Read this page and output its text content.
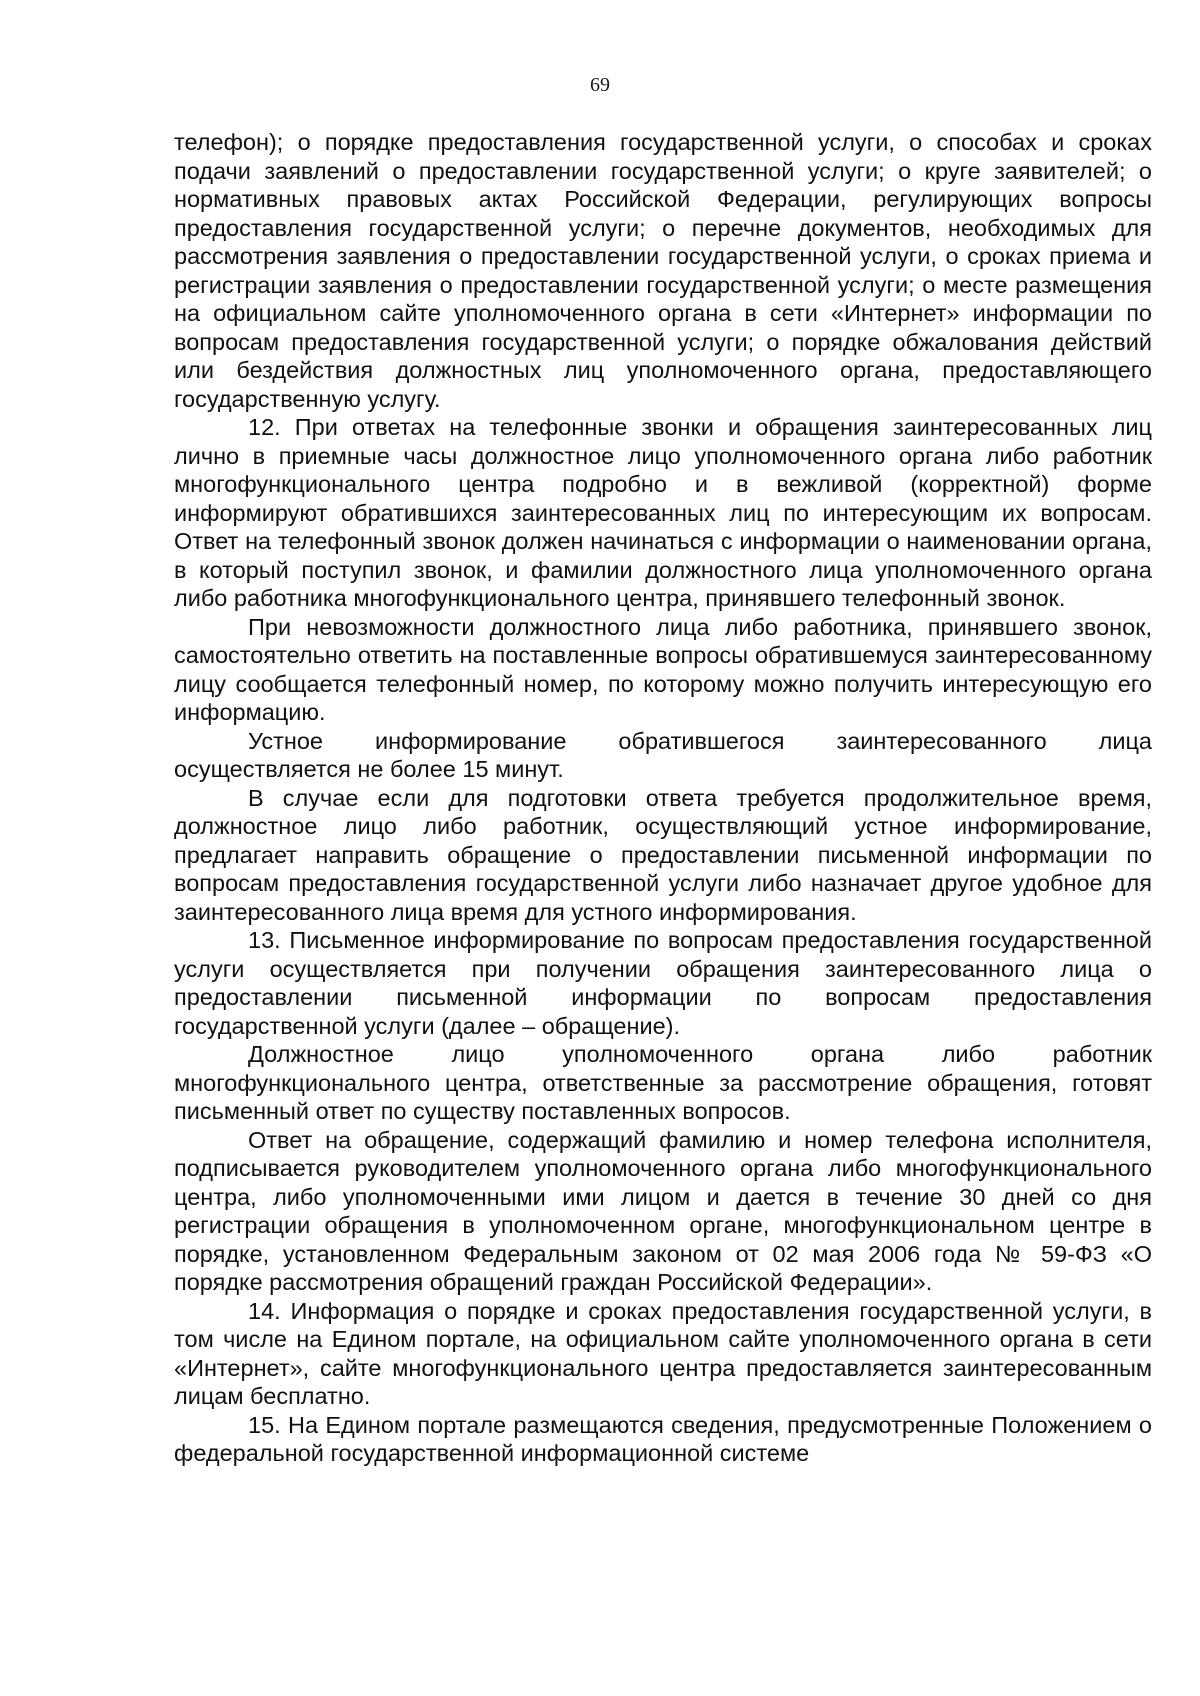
69

телефон); о порядке предоставления государственной услуги, о способах и сроках подачи заявлений о предоставлении государственной услуги; о круге заявителей; о нормативных правовых актах Российской Федерации, регулирующих вопросы предоставления государственной услуги; о перечне документов, необходимых для рассмотрения заявления о предоставлении государственной услуги, о сроках приема и регистрации заявления о предоставлении государственной услуги; о месте размещения на официальном сайте уполномоченного органа в сети «Интернет» информации по вопросам предоставления государственной услуги; о порядке обжалования действий или бездействия должностных лиц уполномоченного органа, предоставляющего государственную услугу.

12. При ответах на телефонные звонки и обращения заинтересованных лиц лично в приемные часы должностное лицо уполномоченного органа либо работник многофункционального центра подробно и в вежливой (корректной) форме информируют обратившихся заинтересованных лиц по интересующим их вопросам. Ответ на телефонный звонок должен начинаться с информации о наименовании органа, в который поступил звонок, и фамилии должностного лица уполномоченного органа либо работника многофункционального центра, принявшего телефонный звонок.

При невозможности должностного лица либо работника, принявшего звонок, самостоятельно ответить на поставленные вопросы обратившемуся заинтересованному лицу сообщается телефонный номер, по которому можно получить интересующую его информацию.

Устное информирование обратившегося заинтересованного лица осуществляется не более 15 минут.

В случае если для подготовки ответа требуется продолжительное время, должностное лицо либо работник, осуществляющий устное информирование, предлагает направить обращение о предоставлении письменной информации по вопросам предоставления государственной услуги либо назначает другое удобное для заинтересованного лица время для устного информирования.

13. Письменное информирование по вопросам предоставления государственной услуги осуществляется при получении обращения заинтересованного лица о предоставлении письменной информации по вопросам предоставления государственной услуги (далее – обращение).

Должностное лицо уполномоченного органа либо работник многофункционального центра, ответственные за рассмотрение обращения, готовят письменный ответ по существу поставленных вопросов.

Ответ на обращение, содержащий фамилию и номер телефона исполнителя, подписывается руководителем уполномоченного органа либо многофункционального центра, либо уполномоченными ими лицом и дается в течение 30 дней со дня регистрации обращения в уполномоченном органе, многофункциональном центре в порядке, установленном Федеральным законом от 02 мая 2006 года № 59-ФЗ «О порядке рассмотрения обращений граждан Российской Федерации».

14. Информация о порядке и сроках предоставления государственной услуги, в том числе на Едином портале, на официальном сайте уполномоченного органа в сети «Интернет», сайте многофункционального центра предоставляется заинтересованным лицам бесплатно.

15. На Едином портале размещаются сведения, предусмотренные Положением о федеральной государственной информационной системе
